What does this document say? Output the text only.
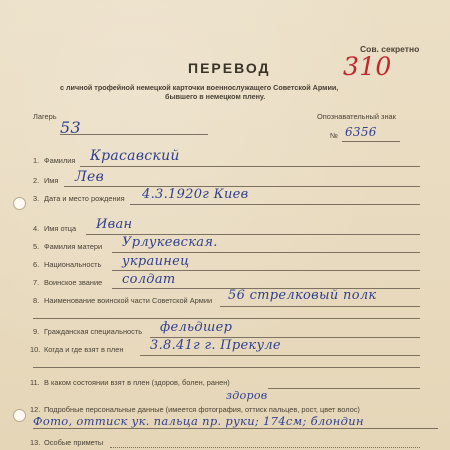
Сов. секретно
310
ПЕРЕВОД
с личной трофейной немецкой карточки военнослужащего Советской Армии,
бывшего в немецком плену.
Лагерь
53
Опознавательный знак
№ 6356
1. Фамилия Красавский
2. Имя Лев
3. Дата и место рождения 4.3.1920г Киев
4. Имя отца Иван
5. Фамилия матери Урлукевская.
6. Национальность украинец
7. Воинское звание солдат
8. Наименование воинской части Советской Армии 56 стрелковый полк
9. Гражданская специальность фельдшер
10. Когда и где взят в плен 3.8.41г г. Прекуле
11. В каком состоянии взят в плен (здоров, болен, ранен)
здоров
12. Подробные персональные данные (имеется фотография, оттиск пальцев, рост, цвет волос)
Фото, оттиск ук. пальца пр. руки; 174см; блондин
13. Особые приметы
